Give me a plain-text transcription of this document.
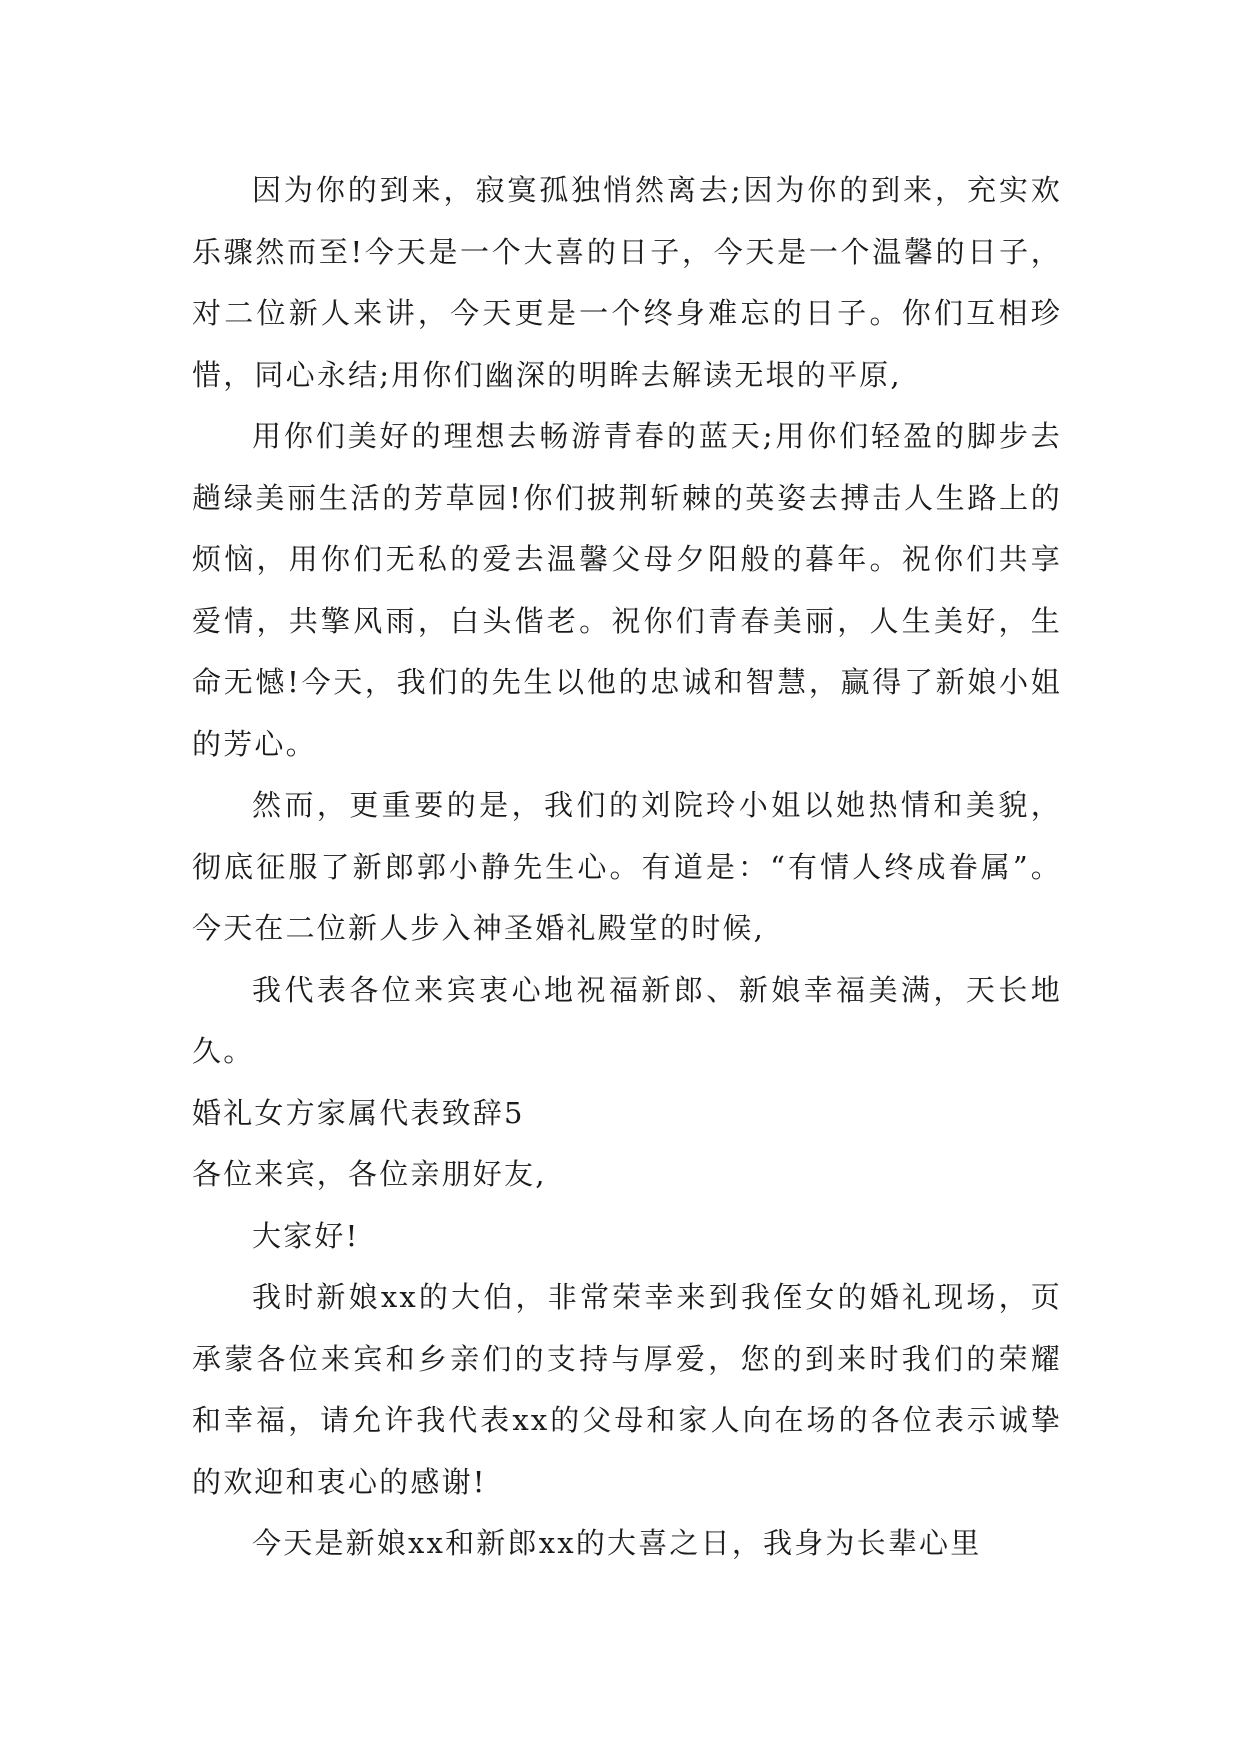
因为你的到来，寂寞孤独悄然离去;因为你的到来，充实欢乐骤然而至!今天是一个大喜的日子，今天是一个温馨的日子，对二位新人来讲，今天更是一个终身难忘的日子。你们互相珍惜，同心永结;用你们幽深的明眸去解读无垠的平原,

用你们美好的理想去畅游青春的蓝天;用你们轻盈的脚步去趟绿美丽生活的芳草园!你们披荆斩棘的英姿去搏击人生路上的烦恼，用你们无私的爱去温馨父母夕阳般的暮年。祝你们共享爱情，共擎风雨，白头偕老。祝你们青春美丽，人生美好，生命无憾!今天，我们的先生以他的忠诚和智慧，赢得了新娘小姐的芳心。

然而，更重要的是，我们的刘院玲小姐以她热情和美貌，彻底征服了新郎郭小静先生心。有道是：“有情人终成眷属”。今天在二位新人步入神圣婚礼殿堂的时候,

我代表各位来宾衷心地祝福新郎、新娘幸福美满，天长地久。

婚礼女方家属代表致辞5

各位来宾，各位亲朋好友,

大家好!

我时新娘xx的大伯，非常荣幸来到我侄女的婚礼现场，页承蒙各位来宾和乡亲们的支持与厚爱，您的到来时我们的荣耀和幸福，请允许我代表xx的父母和家人向在场的各位表示诚挚的欢迎和衷心的感谢!

今天是新娘xx和新郎xx的大喜之日，我身为长辈心里
